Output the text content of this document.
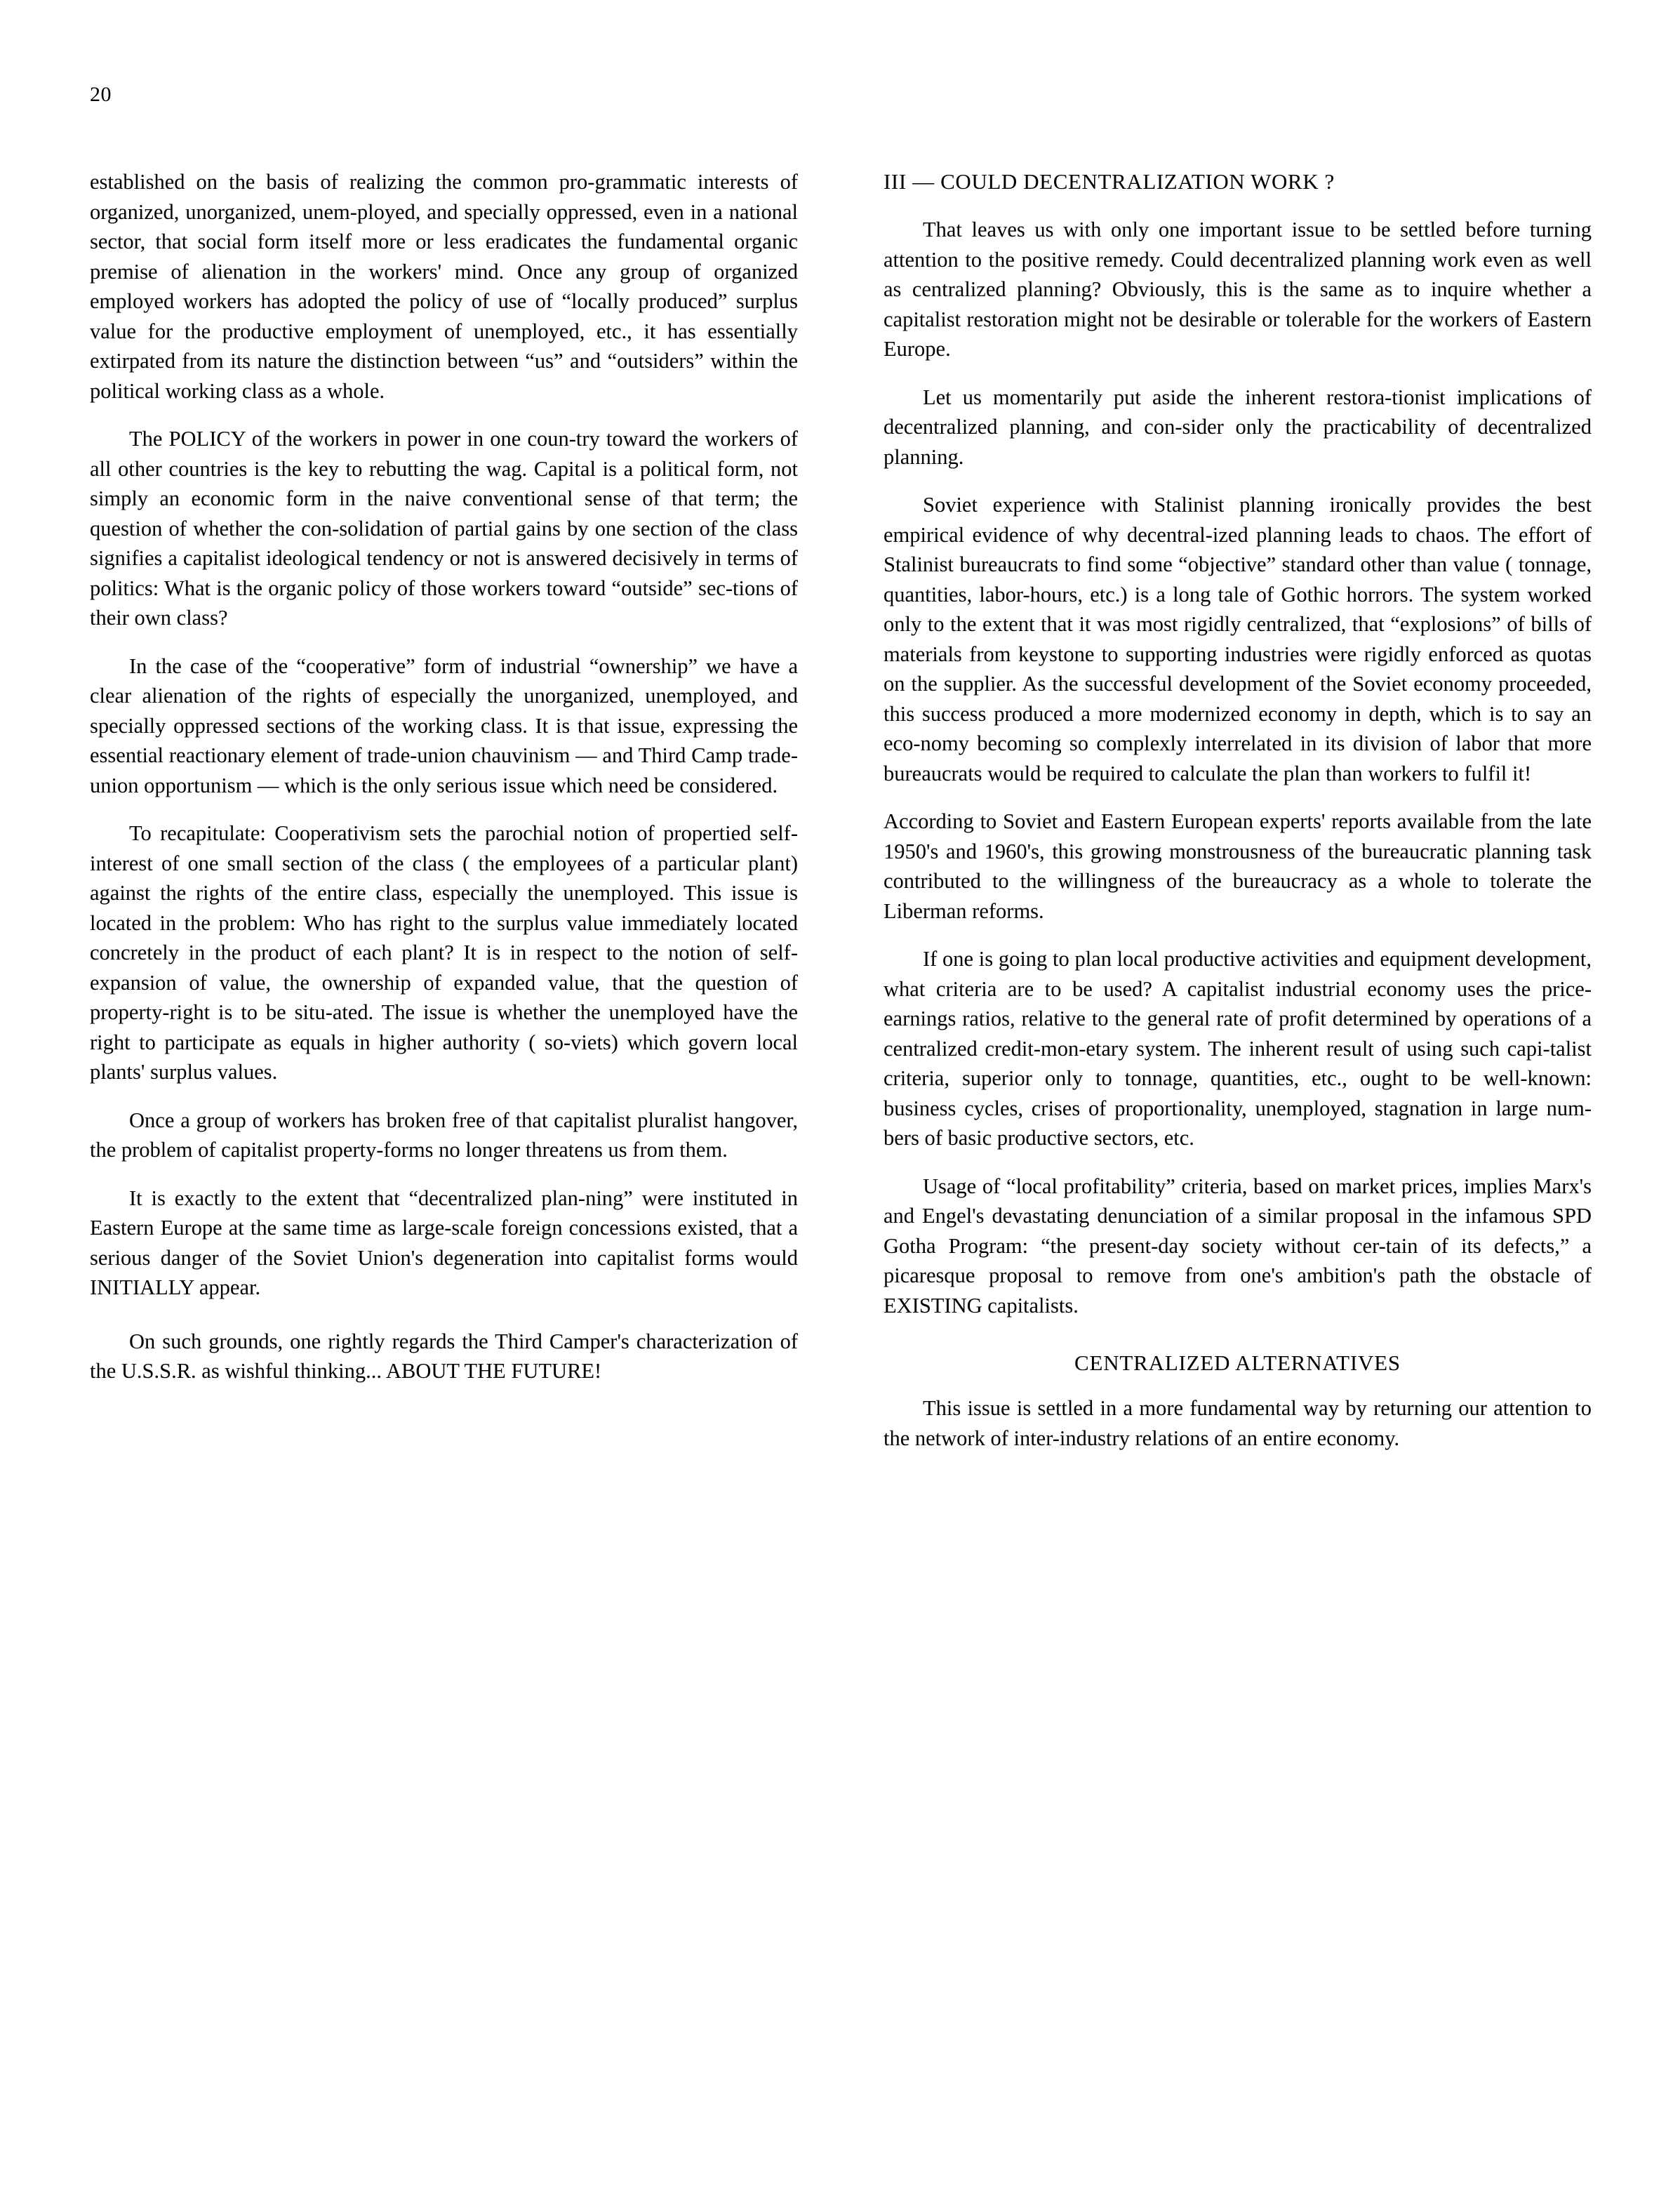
20

established on the basis of realizing the common pro-grammatic interests of organized, unorganized, unem-ployed, and specially oppressed, even in a national sector, that social form itself more or less eradicates the fundamental organic premise of alienation in the workers' mind. Once any group of organized employed workers has adopted the policy of use of “locally produced” surplus value for the productive employment of unemployed, etc., it has essentially extirpated from its nature the distinction between “us” and “outsiders” within the political working class as a whole.

The POLICY of the workers in power in one coun-try toward the workers of all other countries is the key to rebutting the wag. Capital is a political form, not simply an economic form in the naive conventional sense of that term; the question of whether the con-solidation of partial gains by one section of the class signifies a capitalist ideological tendency or not is answered decisively in terms of politics: What is the organic policy of those workers toward “outside” sec-tions of their own class?

In the case of the “cooperative” form of industrial “ownership” we have a clear alienation of the rights of especially the unorganized, unemployed, and specially oppressed sections of the working class. It is that issue, expressing the essential reactionary element of trade-union chauvinism — and Third Camp trade-union opportunism — which is the only serious issue which need be considered.

To recapitulate: Cooperativism sets the parochial notion of propertied self-interest of one small section of the class ( the employees of a particular plant) against the rights of the entire class, especially the unemployed. This issue is located in the problem: Who has right to the surplus value immediately located concretely in the product of each plant? It is in respect to the notion of self-expansion of value, the ownership of expanded value, that the question of property-right is to be situ-ated. The issue is whether the unemployed have the right to participate as equals in higher authority ( so-viets) which govern local plants' surplus values.

Once a group of workers has broken free of that capitalist pluralist hangover, the problem of capitalist property-forms no longer threatens us from them.

It is exactly to the extent that “decentralized plan-ning” were instituted in Eastern Europe at the same time as large-scale foreign concessions existed, that a serious danger of the Soviet Union's degeneration into capitalist forms would INITIALLY appear.

On such grounds, one rightly regards the Third Camper's characterization of the U.S.S.R. as wishful thinking... ABOUT THE FUTURE!

III — COULD DECENTRALIZATION WORK ?

That leaves us with only one important issue to be settled before turning attention to the positive remedy. Could decentralized planning work even as well as centralized planning? Obviously, this is the same as to inquire whether a capitalist restoration might not be desirable or tolerable for the workers of Eastern Europe.

Let us momentarily put aside the inherent restora-tionist implications of decentralized planning, and con-sider only the practicability of decentralized planning.

Soviet experience with Stalinist planning ironically provides the best empirical evidence of why decentral-ized planning leads to chaos. The effort of Stalinist bureaucrats to find some “objective” standard other than value ( tonnage, quantities, labor-hours, etc.) is a long tale of Gothic horrors. The system worked only to the extent that it was most rigidly centralized, that “explosions” of bills of materials from keystone to supporting industries were rigidly enforced as quotas on the supplier. As the successful development of the Soviet economy proceeded, this success produced a more modernized economy in depth, which is to say an eco-nomy becoming so complexly interrelated in its division of labor that more bureaucrats would be required to calculate the plan than workers to fulfil it!

According to Soviet and Eastern European experts' reports available from the late 1950's and 1960's, this growing monstrousness of the bureaucratic planning task contributed to the willingness of the bureaucracy as a whole to tolerate the Liberman reforms.

If one is going to plan local productive activities and equipment development, what criteria are to be used? A capitalist industrial economy uses the price-earnings ratios, relative to the general rate of profit determined by operations of a centralized credit-mon-etary system. The inherent result of using such capi-talist criteria, superior only to tonnage, quantities, etc., ought to be well-known: business cycles, crises of proportionality, unemployed, stagnation in large num-bers of basic productive sectors, etc.

Usage of “local profitability” criteria, based on market prices, implies Marx's and Engel's devastating denunciation of a similar proposal in the infamous SPD Gotha Program: “the present-day society without cer-tain of its defects,” a picaresque proposal to remove from one's ambition's path the obstacle of EXISTING capitalists.

CENTRALIZED ALTERNATIVES

This issue is settled in a more fundamental way by returning our attention to the network of inter-industry relations of an entire economy.
